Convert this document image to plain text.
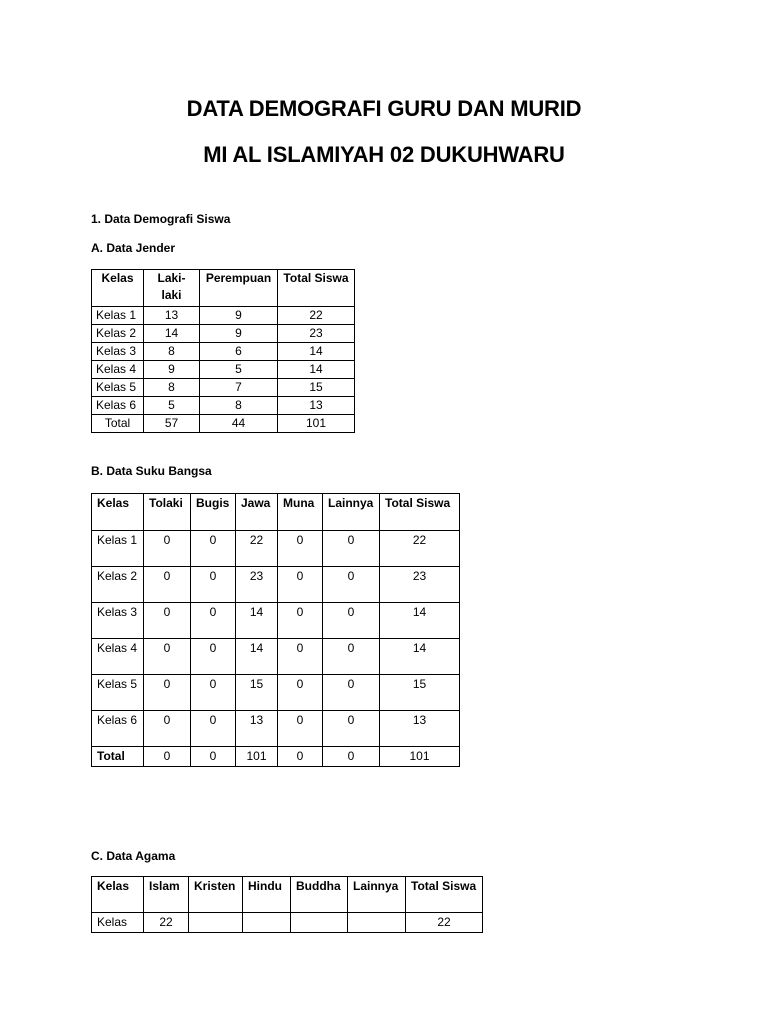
DATA DEMOGRAFI GURU DAN MURID
MI AL ISLAMIYAH 02 DUKUHWARU
1. Data Demografi Siswa
A. Data Jender
Kelas	Laki-laki	Perempuan	Total Siswa
Kelas 1	13	9	22
Kelas 2	14	9	23
Kelas 3	8	6	14
Kelas 4	9	5	14
Kelas 5	8	7	15
Kelas 6	5	8	13
Total	57	44	101
B. Data Suku Bangsa
Kelas	Tolaki	Bugis	Jawa	Muna	Lainnya	Total Siswa
Kelas 1	0	0	22	0	0	22
Kelas 2	0	0	23	0	0	23
Kelas 3	0	0	14	0	0	14
Kelas 4	0	0	14	0	0	14
Kelas 5	0	0	15	0	0	15
Kelas 6	0	0	13	0	0	13
Total	0	0	101	0	0	101
C. Data Agama
Kelas	Islam	Kristen	Hindu	Buddha	Lainnya	Total Siswa
Kelas	22					22
